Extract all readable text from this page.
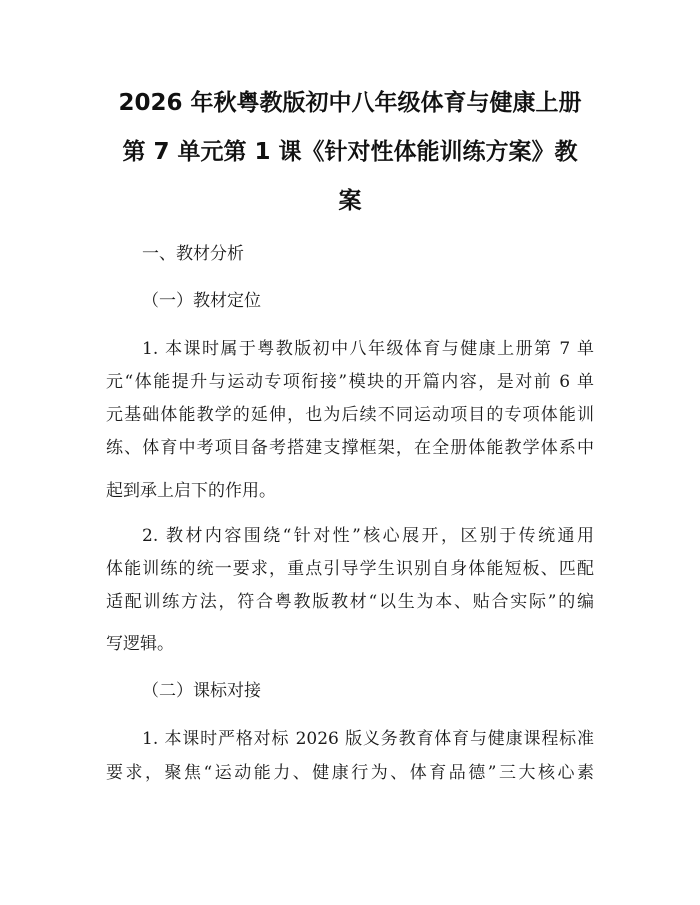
2026 年秋粤教版初中八年级体育与健康上册
第 7 单元第 1 课《针对性体能训练方案》教
案
一、教材分析
（一）教材定位
1. 本课时属于粤教版初中八年级体育与健康上册第 7 单
元“体能提升与运动专项衔接”模块的开篇内容，是对前 6 单
元基础体能教学的延伸，也为后续不同运动项目的专项体能训
练、体育中考项目备考搭建支撑框架，在全册体能教学体系中
起到承上启下的作用。
2. 教材内容围绕“针对性”核心展开，区别于传统通用
体能训练的统一要求，重点引导学生识别自身体能短板、匹配
适配训练方法，符合粤教版教材“以生为本、贴合实际”的编
写逻辑。
（二）课标对接
1. 本课时严格对标 2026 版义务教育体育与健康课程标准
要求，聚焦“运动能力、健康行为、体育品德”三大核心素
